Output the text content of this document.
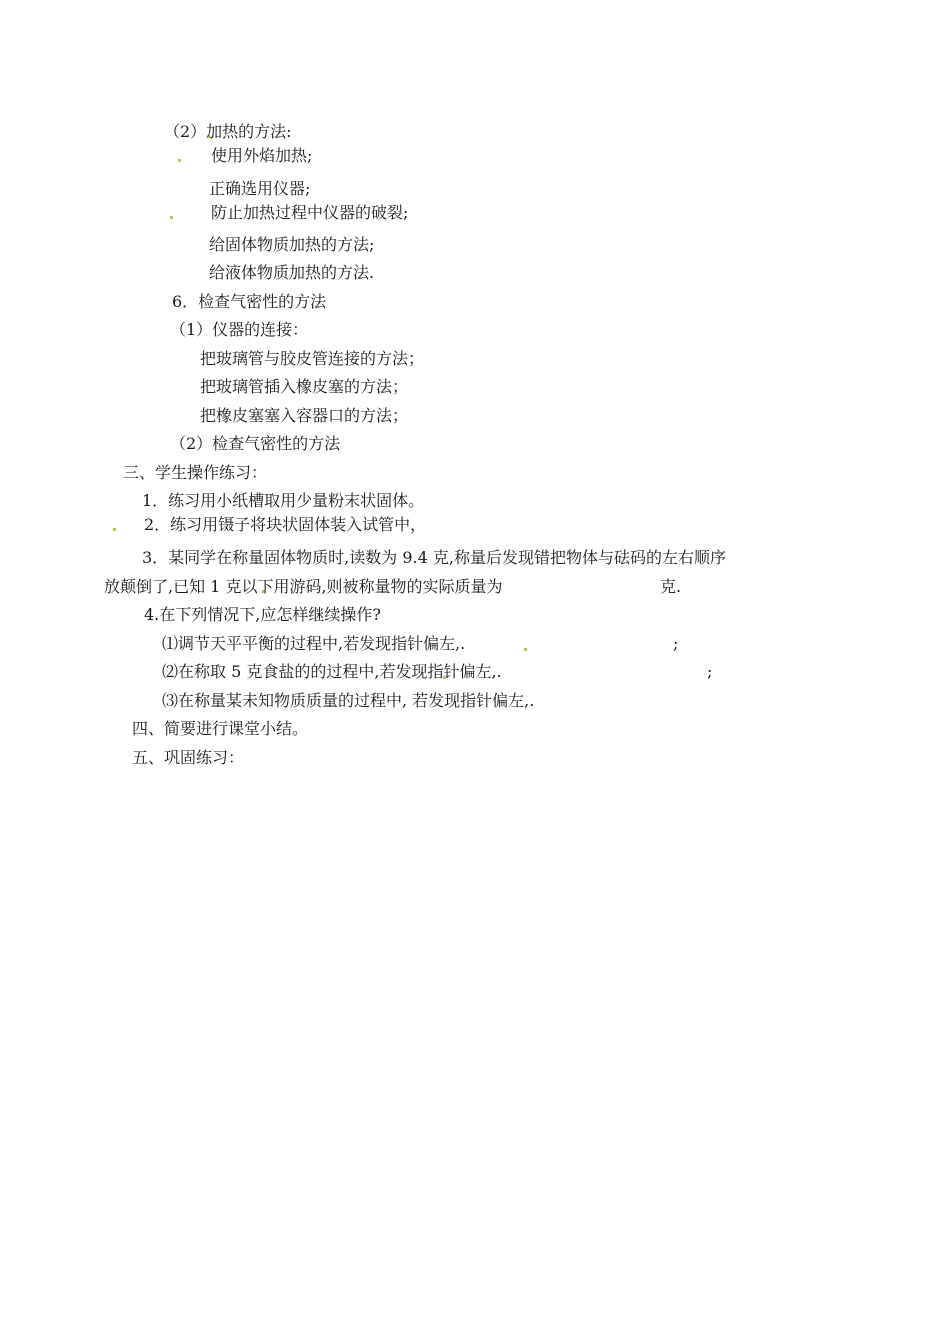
（2）加热的方法:
使用外焰加热;
正确选用仪器;
防止加热过程中仪器的破裂;
给固体物质加热的方法;
给液体物质加热的方法.
6．检查气密性的方法
（1）仪器的连接：
把玻璃管与胶皮管连接的方法；
把玻璃管插入橡皮塞的方法；
把橡皮塞塞入容器口的方法；
（2）检查气密性的方法
三、学生操作练习：
1．练习用小纸槽取用少量粉末状固体。
2．练习用镊子将块状固体装入试管中，
3．某同学在称量固体物质时,读数为 9.4 克,称量后发现错把物体与砝码的左右顺序
放颠倒了,已知 1 克以下用游码,则被称量物的实际质量为	克.
4.在下列情况下,应怎样继续操作?
⑴调节天平平衡的过程中,若发现指针偏左,.	;
⑵在称取 5 克食盐的的过程中,若发现指针偏左,.	;
⑶在称量某未知物质质量的过程中, 若发现指针偏左,.
四、简要进行课堂小结。
五、巩固练习：
